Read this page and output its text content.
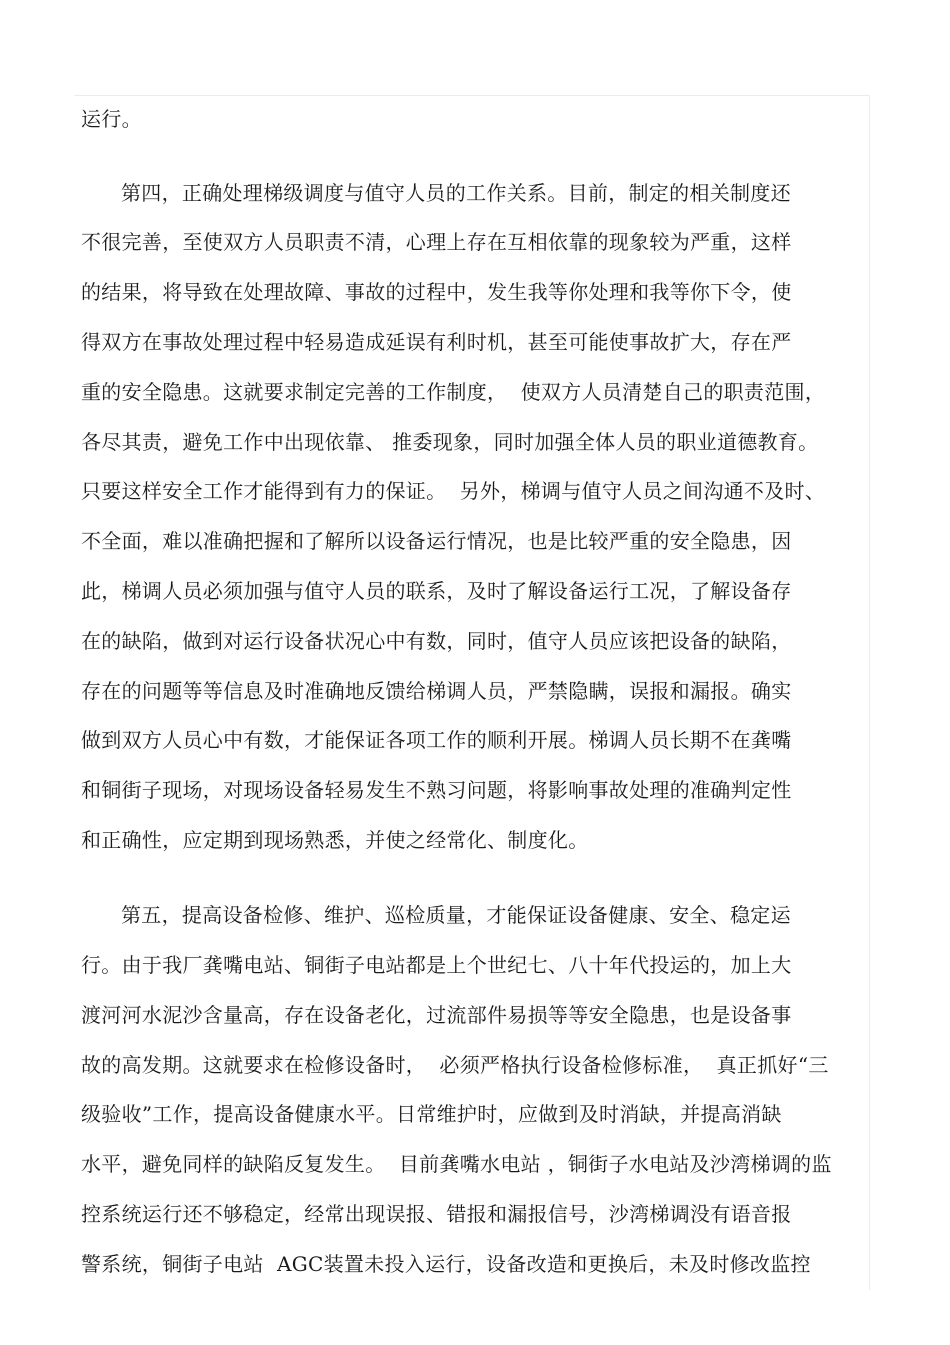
运行。
第四，正确处理梯级调度与值守人员的工作关系。目前，制定的相关制度还
不很完善，至使双方人员职责不清，心理上存在互相依靠的现象较为严重，这样
的结果，将导致在处理故障、事故的过程中，发生我等你处理和我等你下令，使
得双方在事故处理过程中轻易造成延误有利时机，甚至可能使事故扩大，存在严
重的安全隐患。这就要求制定完善的工作制度，  使双方人员清楚自己的职责范围，
各尽其责，避免工作中出现依靠、 推委现象，同时加强全体人员的职业道德教育。
只要这样安全工作才能得到有力的保证。  另外，梯调与值守人员之间沟通不及时、
不全面，难以准确把握和了解所以设备运行情况，也是比较严重的安全隐患，因
此，梯调人员必须加强与值守人员的联系，及时了解设备运行工况，了解设备存
在的缺陷，做到对运行设备状况心中有数，同时，值守人员应该把设备的缺陷，
存在的问题等等信息及时准确地反馈给梯调人员，严禁隐瞒，误报和漏报。确实
做到双方人员心中有数，才能保证各项工作的顺利开展。梯调人员长期不在龚嘴
和铜街子现场，对现场设备轻易发生不熟习问题，将影响事故处理的准确判定性
和正确性，应定期到现场熟悉，并使之经常化、制度化。
第五，提高设备检修、维护、巡检质量，才能保证设备健康、安全、稳定运
行。由于我厂龚嘴电站、铜街子电站都是上个世纪七、八十年代投运的，加上大
渡河河水泥沙含量高，存在设备老化，过流部件易损等等安全隐患，也是设备事
故的高发期。这就要求在检修设备时，  必须严格执行设备检修标准，  真正抓好“三
级验收”工作，提高设备健康水平。日常维护时，应做到及时消缺，并提高消缺
水平，避免同样的缺陷反复发生。  目前龚嘴水电站 ，铜街子水电站及沙湾梯调的监
控系统运行还不够稳定，经常出现误报、错报和漏报信号，沙湾梯调没有语音报
警系统，铜街子电站  AGC装置未投入运行，设备改造和更换后，未及时修改监控
